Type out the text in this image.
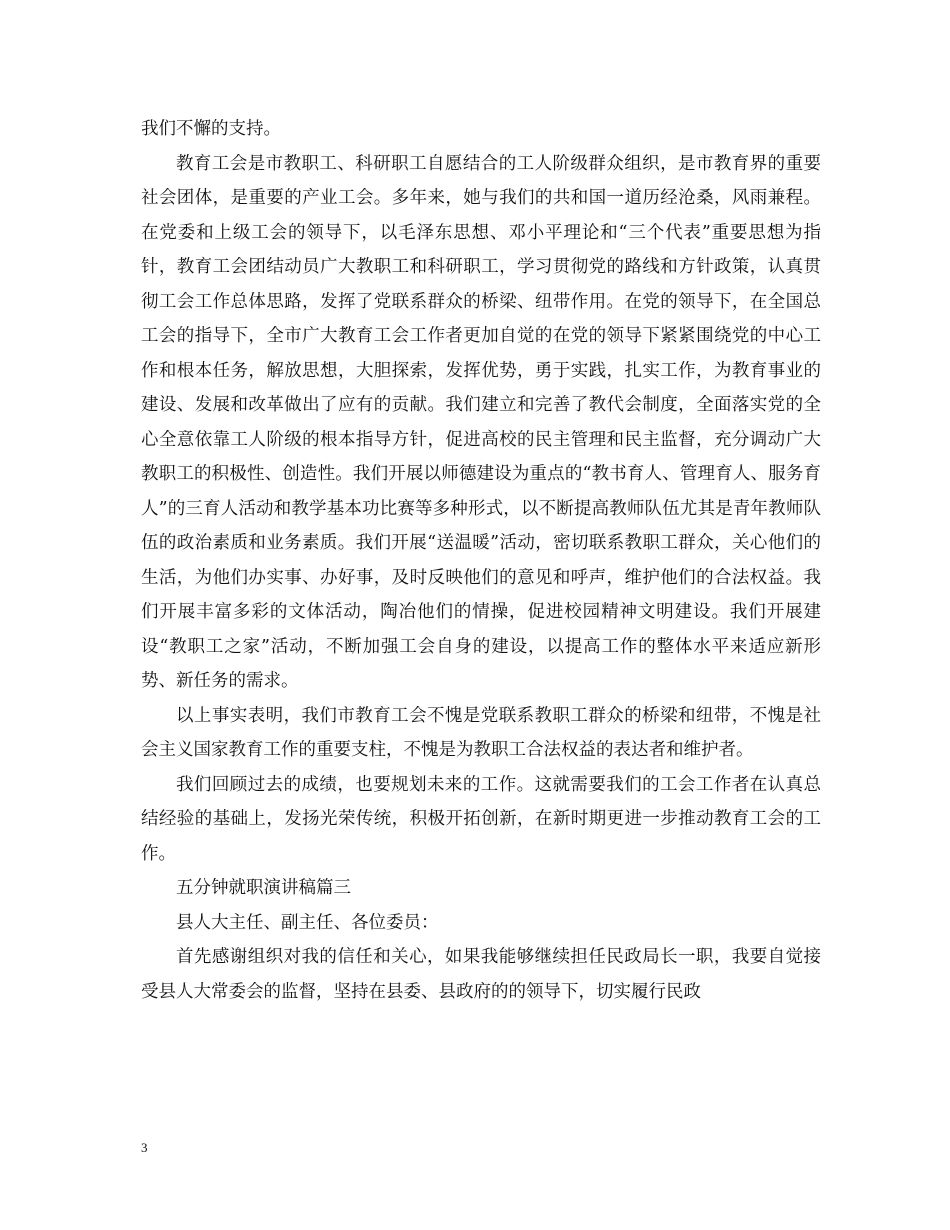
我们不懈的支持。

教育工会是市教职工、科研职工自愿结合的工人阶级群众组织，是市教育界的重要社会团体，是重要的产业工会。多年来，她与我们的共和国一道历经沧桑，风雨兼程。在党委和上级工会的领导下，以毛泽东思想、邓小平理论和“三个代表”重要思想为指针，教育工会团结动员广大教职工和科研职工，学习贯彻党的路线和方针政策，认真贯彻工会工作总体思路，发挥了党联系群众的桥梁、纽带作用。在党的领导下，在全国总工会的指导下，全市广大教育工会工作者更加自觉的在党的领导下紧紧围绕党的中心工作和根本任务，解放思想，大胆探索，发挥优势，勇于实践，扎实工作，为教育事业的建设、发展和改革做出了应有的贡献。我们建立和完善了教代会制度，全面落实党的全心全意依靠工人阶级的根本指导方针，促进高校的民主管理和民主监督，充分调动广大教职工的积极性、创造性。我们开展以师德建设为重点的“教书育人、管理育人、服务育人”的三育人活动和教学基本功比赛等多种形式，以不断提高教师队伍尤其是青年教师队伍的政治素质和业务素质。我们开展“送温暖”活动，密切联系教职工群众，关心他们的生活，为他们办实事、办好事，及时反映他们的意见和呼声，维护他们的合法权益。我们开展丰富多彩的文体活动，陶冶他们的情操，促进校园精神文明建设。我们开展建设“教职工之家”活动，不断加强工会自身的建设，以提高工作的整体水平来适应新形势、新任务的需求。

以上事实表明，我们市教育工会不愧是党联系教职工群众的桥梁和纽带，不愧是社会主义国家教育工作的重要支柱，不愧是为教职工合法权益的表达者和维护者。

我们回顾过去的成绩，也要规划未来的工作。这就需要我们的工会工作者在认真总结经验的基础上，发扬光荣传统，积极开拓创新，在新时期更进一步推动教育工会的工作。

五分钟就职演讲稿篇三

县人大主任、副主任、各位委员：

首先感谢组织对我的信任和关心，如果我能够继续担任民政局长一职，我要自觉接受县人大常委会的监督，坚持在县委、县政府的的领导下，切实履行民政

3
